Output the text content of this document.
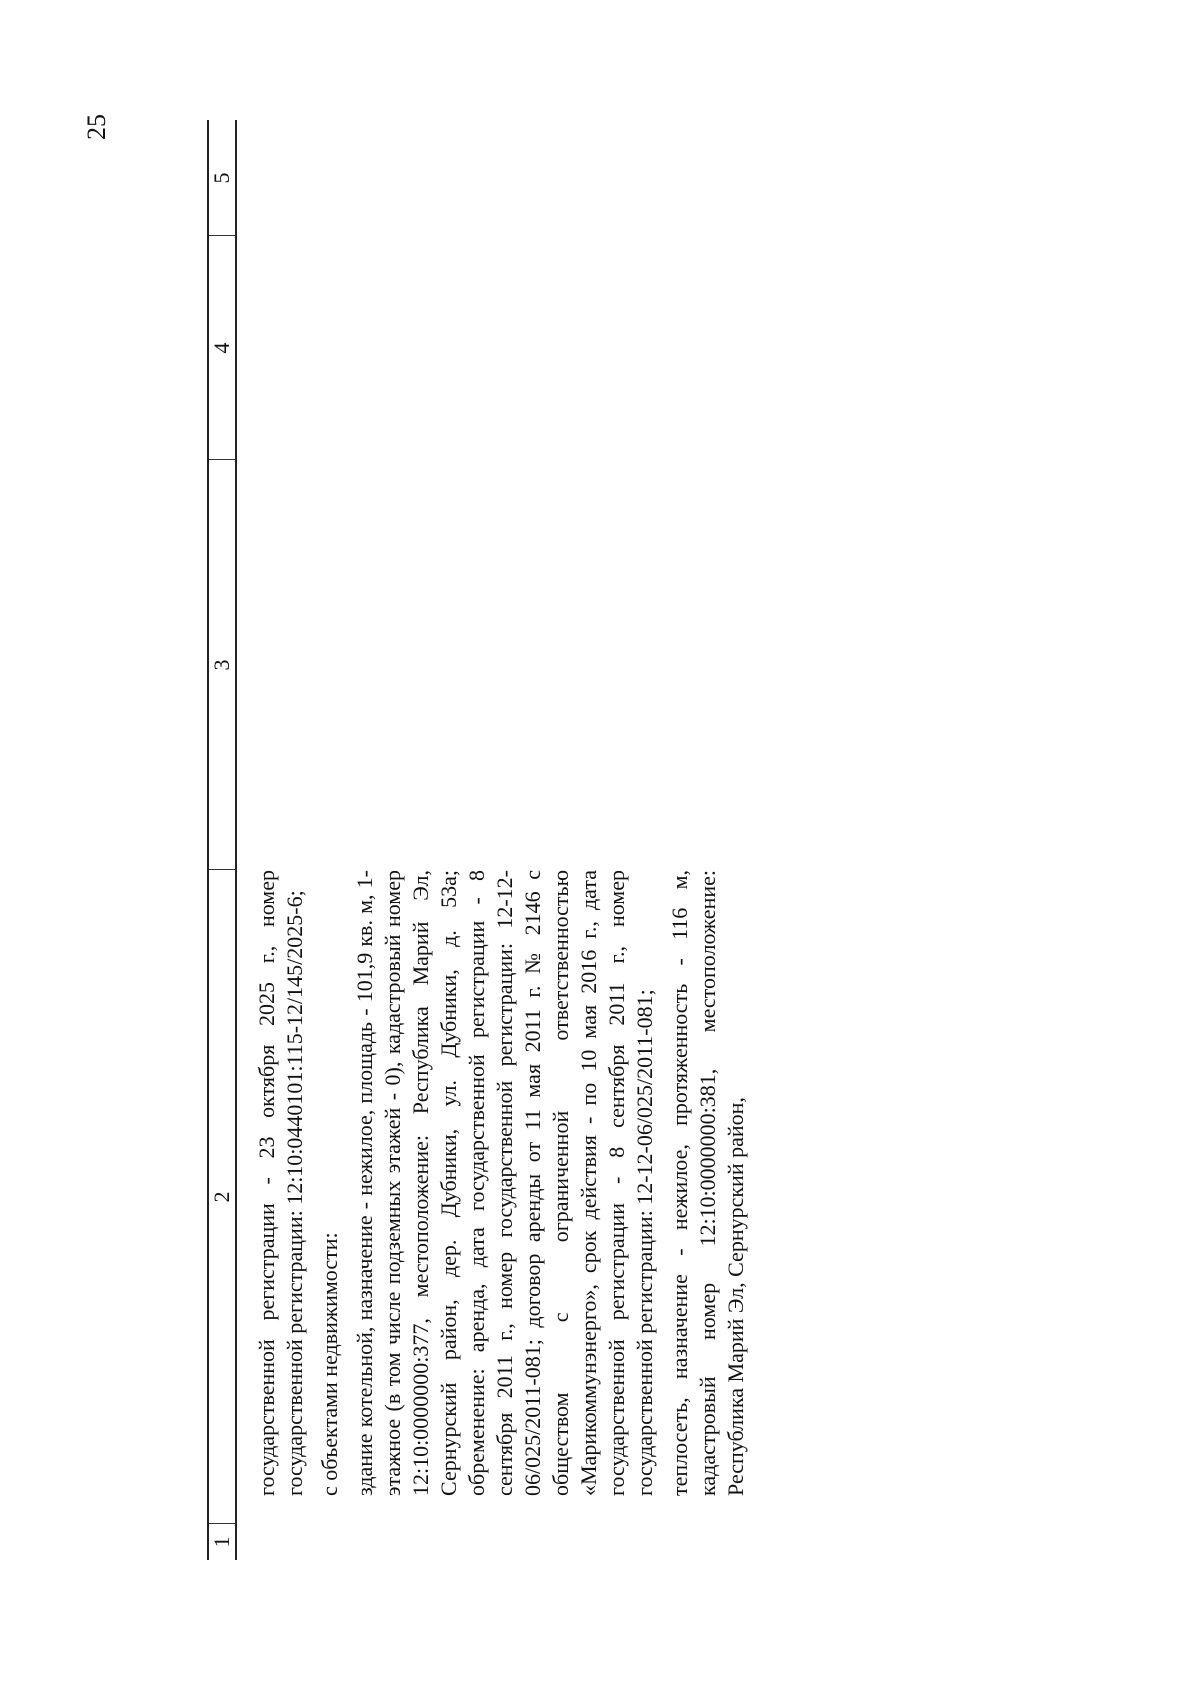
25
1
2
3
4
5

государственной регистрации - 23 октября 2025 г., номер государственной регистрации: 12:10:0440101:115-12/145/2025-6; с объектами недвижимости: здание котельной, назначение - нежилое, площадь - 101,9 кв. м, 1-этажное (в том числе подземных этажей - 0), кадастровый номер 12:10:0000000:377, местоположение: Республика Марий Эл, Сернурский район, дер. Дубники, ул. Дубники, д. 53а; обременение: аренда, дата государственной регистрации - 8 сентября 2011 г., номер государственной регистрации: 12-12-06/025/2011-081; договор аренды от 11 мая 2011 г. № 2146 с обществом с ограниченной ответственностью «Марикоммунэнерго», срок действия - по 10 мая 2016 г., дата государственной регистрации - 8 сентября 2011 г., номер государственной регистрации: 12-12-06/025/2011-081; теплосеть, назначение - нежилое, протяженность - 116 м, кадастровый номер 12:10:0000000:381, местоположение: Республика Марий Эл, Сернурский район,
